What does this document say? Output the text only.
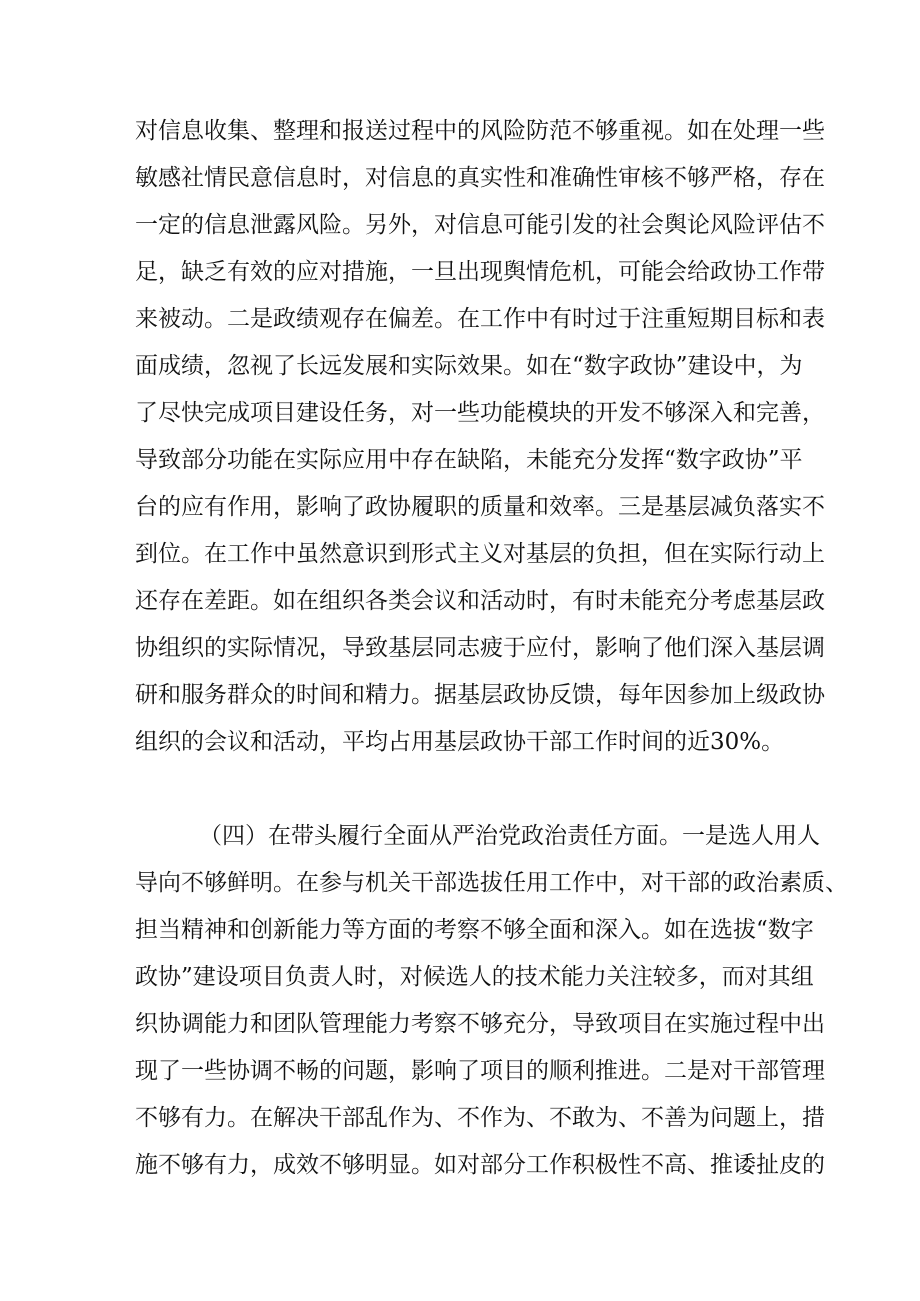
对信息收集、整理和报送过程中的风险防范不够重视。如在处理一些
敏感社情民意信息时，对信息的真实性和准确性审核不够严格，存在
一定的信息泄露风险。另外，对信息可能引发的社会舆论风险评估不
足，缺乏有效的应对措施，一旦出现舆情危机，可能会给政协工作带
来被动。二是政绩观存在偏差。在工作中有时过于注重短期目标和表
面成绩，忽视了长远发展和实际效果。如在“数字政协”建设中，为
了尽快完成项目建设任务，对一些功能模块的开发不够深入和完善，
导致部分功能在实际应用中存在缺陷，未能充分发挥“数字政协”平
台的应有作用，影响了政协履职的质量和效率。三是基层减负落实不
到位。在工作中虽然意识到形式主义对基层的负担，但在实际行动上
还存在差距。如在组织各类会议和活动时，有时未能充分考虑基层政
协组织的实际情况，导致基层同志疲于应付，影响了他们深入基层调
研和服务群众的时间和精力。据基层政协反馈，每年因参加上级政协
组织的会议和活动，平均占用基层政协干部工作时间的近30%。
（四）在带头履行全面从严治党政治责任方面。一是选人用人
导向不够鲜明。在参与机关干部选拔任用工作中，对干部的政治素质、
担当精神和创新能力等方面的考察不够全面和深入。如在选拔“数字
政协”建设项目负责人时，对候选人的技术能力关注较多，而对其组
织协调能力和团队管理能力考察不够充分，导致项目在实施过程中出
现了一些协调不畅的问题，影响了项目的顺利推进。二是对干部管理
不够有力。在解决干部乱作为、不作为、不敢为、不善为问题上，措
施不够有力，成效不够明显。如对部分工作积极性不高、推诿扯皮的
